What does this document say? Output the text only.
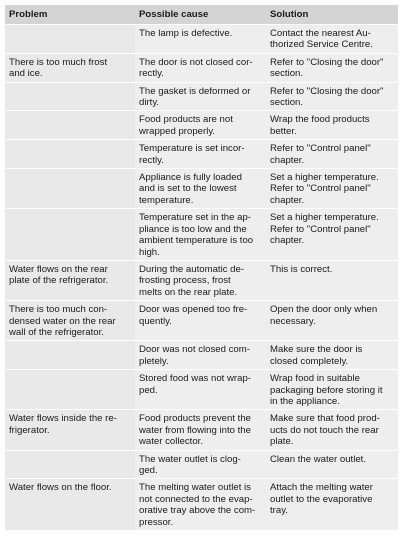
Problem	Possible cause	Solution

	The lamp is defective.	Contact the nearest Au-
thorized Service Centre.

There is too much frost
and ice.	The door is not closed cor-
rectly.	Refer to "Closing the door"
section.

	The gasket is deformed or
dirty.	Refer to "Closing the door"
section.

	Food products are not
wrapped properly.	Wrap the food products
better.

	Temperature is set incor-
rectly.	Refer to "Control panel"
chapter.

	Appliance is fully loaded
and is set to the lowest
temperature.	Set a higher temperature.
Refer to "Control panel"
chapter.

	Temperature set in the ap-
pliance is too low and the
ambient temperature is too
high.	Set a higher temperature.
Refer to "Control panel"
chapter.

Water flows on the rear
plate of the refrigerator.	During the automatic de-
frosting process, frost
melts on the rear plate.	This is correct.

There is too much con-
densed water on the rear
wall of the refrigerator.	Door was opened too fre-
quently.	Open the door only when
necessary.

	Door was not closed com-
pletely.	Make sure the door is
closed completely.

	Stored food was not wrap-
ped.	Wrap food in suitable
packaging before storing it
in the appliance.

Water flows inside the re-
frigerator.	Food products prevent the
water from flowing into the
water collector.	Make sure that food prod-
ucts do not touch the rear
plate.

	The water outlet is clog-
ged.	Clean the water outlet.

Water flows on the floor.	The melting water outlet is
not connected to the evap-
orative tray above the com-
pressor.	Attach the melting water
outlet to the evaporative
tray.
